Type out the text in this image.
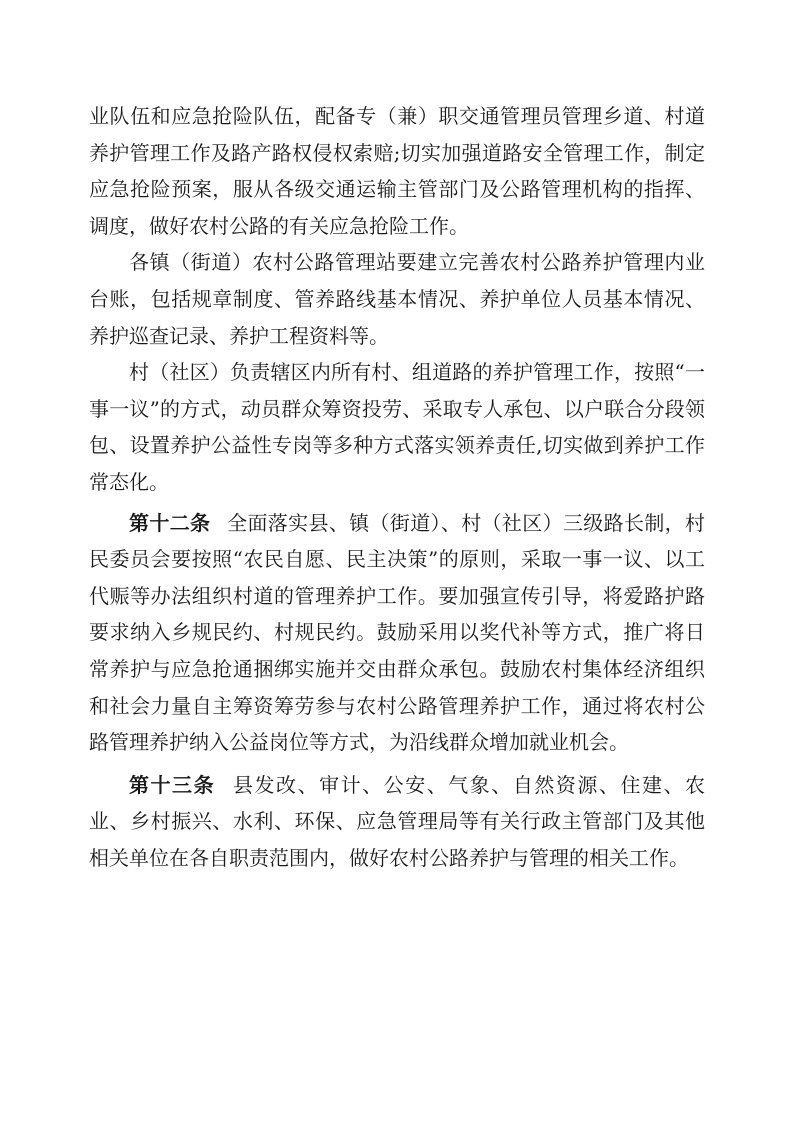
业队伍和应急抢险队伍，配备专（兼）职交通管理员管理乡道、村道养护管理工作及路产路权侵权索赔;切实加强道路安全管理工作，制定应急抢险预案，服从各级交通运输主管部门及公路管理机构的指挥、调度，做好农村公路的有关应急抢险工作。

各镇（街道）农村公路管理站要建立完善农村公路养护管理内业台账，包括规章制度、管养路线基本情况、养护单位人员基本情况、养护巡查记录、养护工程资料等。

村（社区）负责辖区内所有村、组道路的养护管理工作，按照“一事一议”的方式，动员群众筹资投劳、采取专人承包、以户联合分段领包、设置养护公益性专岗等多种方式落实领养责任,切实做到养护工作常态化。

第十二条  全面落实县、镇（街道）、村（社区）三级路长制，村民委员会要按照“农民自愿、民主决策”的原则，采取一事一议、以工代赈等办法组织村道的管理养护工作。要加强宣传引导，将爱路护路要求纳入乡规民约、村规民约。鼓励采用以奖代补等方式，推广将日常养护与应急抢通捆绑实施并交由群众承包。鼓励农村集体经济组织和社会力量自主筹资筹劳参与农村公路管理养护工作，通过将农村公路管理养护纳入公益岗位等方式，为沿线群众增加就业机会。

第十三条  县发改、审计、公安、气象、自然资源、住建、农业、乡村振兴、水利、环保、应急管理局等有关行政主管部门及其他相关单位在各自职责范围内，做好农村公路养护与管理的相关工作。
